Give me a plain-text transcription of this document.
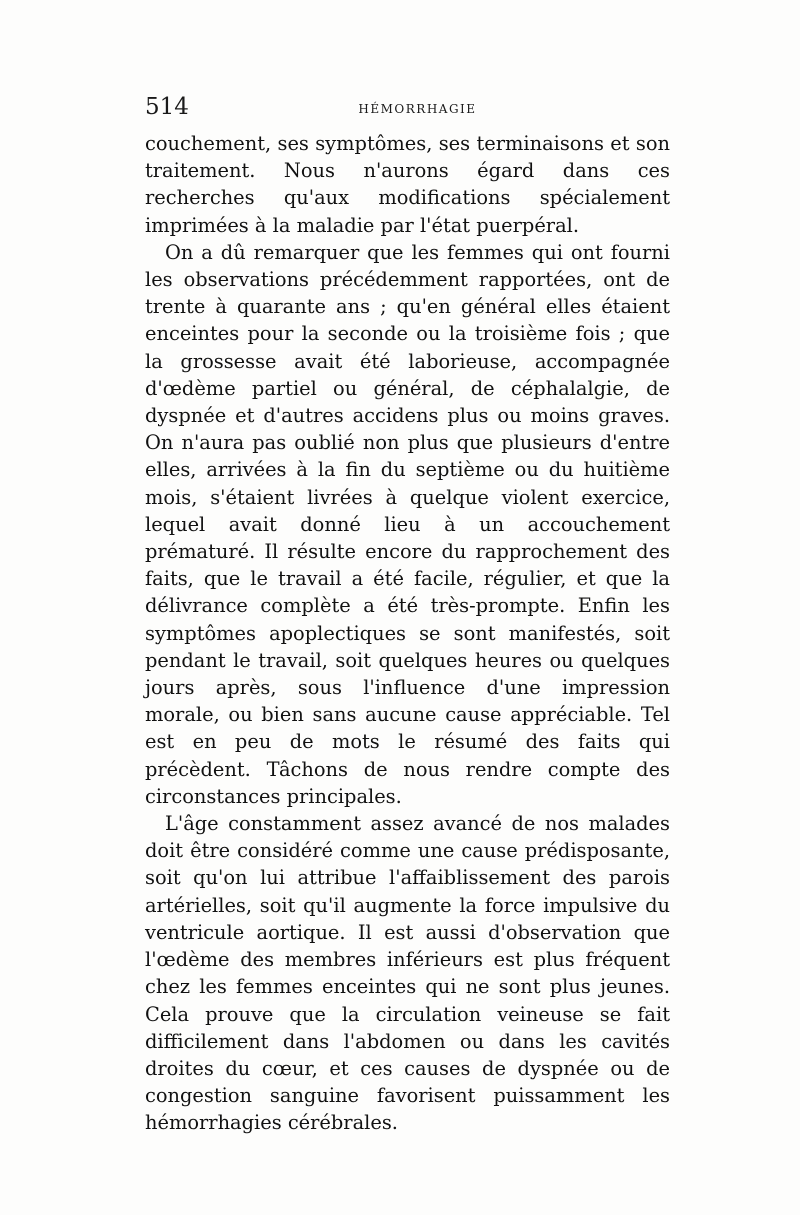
514	HÉMORRHAGIE

couchement, ses symptômes, ses terminaisons et son traitement. Nous n'aurons égard dans ces recherches qu'aux modifications spécialement imprimées à la maladie par l'état puerpéral.

On a dû remarquer que les femmes qui ont fourni les observations précédemment rapportées, ont de trente à quarante ans ; qu'en général elles étaient enceintes pour la seconde ou la troisième fois ; que la grossesse avait été laborieuse, accompagnée d'œdème partiel ou général, de céphalalgie, de dyspnée et d'autres accidens plus ou moins graves. On n'aura pas oublié non plus que plusieurs d'entre elles, arrivées à la fin du septième ou du huitième mois, s'étaient livrées à quelque violent exercice, lequel avait donné lieu à un accouchement prématuré. Il résulte encore du rapprochement des faits, que le travail a été facile, régulier, et que la délivrance complète a été très-prompte. Enfin les symptômes apoplectiques se sont manifestés, soit pendant le travail, soit quelques heures ou quelques jours après, sous l'influence d'une impression morale, ou bien sans aucune cause appréciable. Tel est en peu de mots le résumé des faits qui précèdent. Tâchons de nous rendre compte des circonstances principales.

L'âge constamment assez avancé de nos malades doit être considéré comme une cause prédisposante, soit qu'on lui attribue l'affaiblissement des parois artérielles, soit qu'il augmente la force impulsive du ventricule aortique. Il est aussi d'observation que l'œdème des membres inférieurs est plus fréquent chez les femmes enceintes qui ne sont plus jeunes. Cela prouve que la circulation veineuse se fait difficilement dans l'abdomen ou dans les cavités droites du cœur, et ces causes de dyspnée ou de congestion sanguine favorisent puissamment les hémorrhagies cérébrales.
